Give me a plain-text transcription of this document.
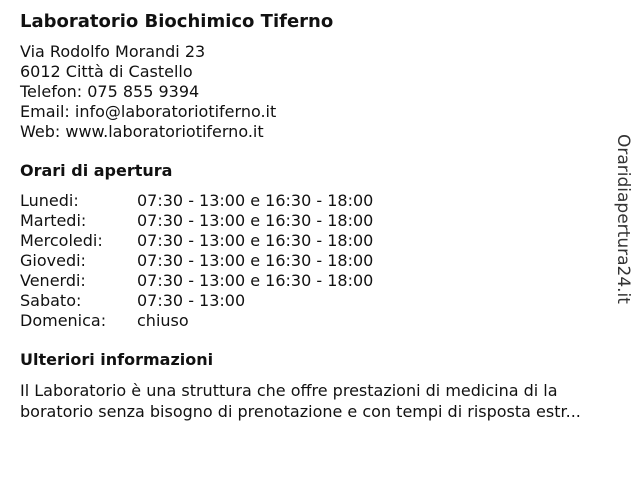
Laboratorio Biochimico Tiferno
Via Rodolfo Morandi 23
6012 Città di Castello
Telefon: 075 855 9394
Email: info@laboratoriotiferno.it
Web: www.laboratoriotiferno.it
Orari di apertura
Lunedi:	07:30 - 13:00 e 16:30 - 18:00
Martedi:	07:30 - 13:00 e 16:30 - 18:00
Mercoledi:	07:30 - 13:00 e 16:30 - 18:00
Giovedi:	07:30 - 13:00 e 16:30 - 18:00
Venerdi:	07:30 - 13:00 e 16:30 - 18:00
Sabato:	07:30 - 13:00
Domenica:	chiuso
Ulteriori informazioni
Il Laboratorio è una struttura che offre prestazioni di medicina di la
boratorio senza bisogno di prenotazione e con tempi di risposta estr...
Oraridiapertura24.it
